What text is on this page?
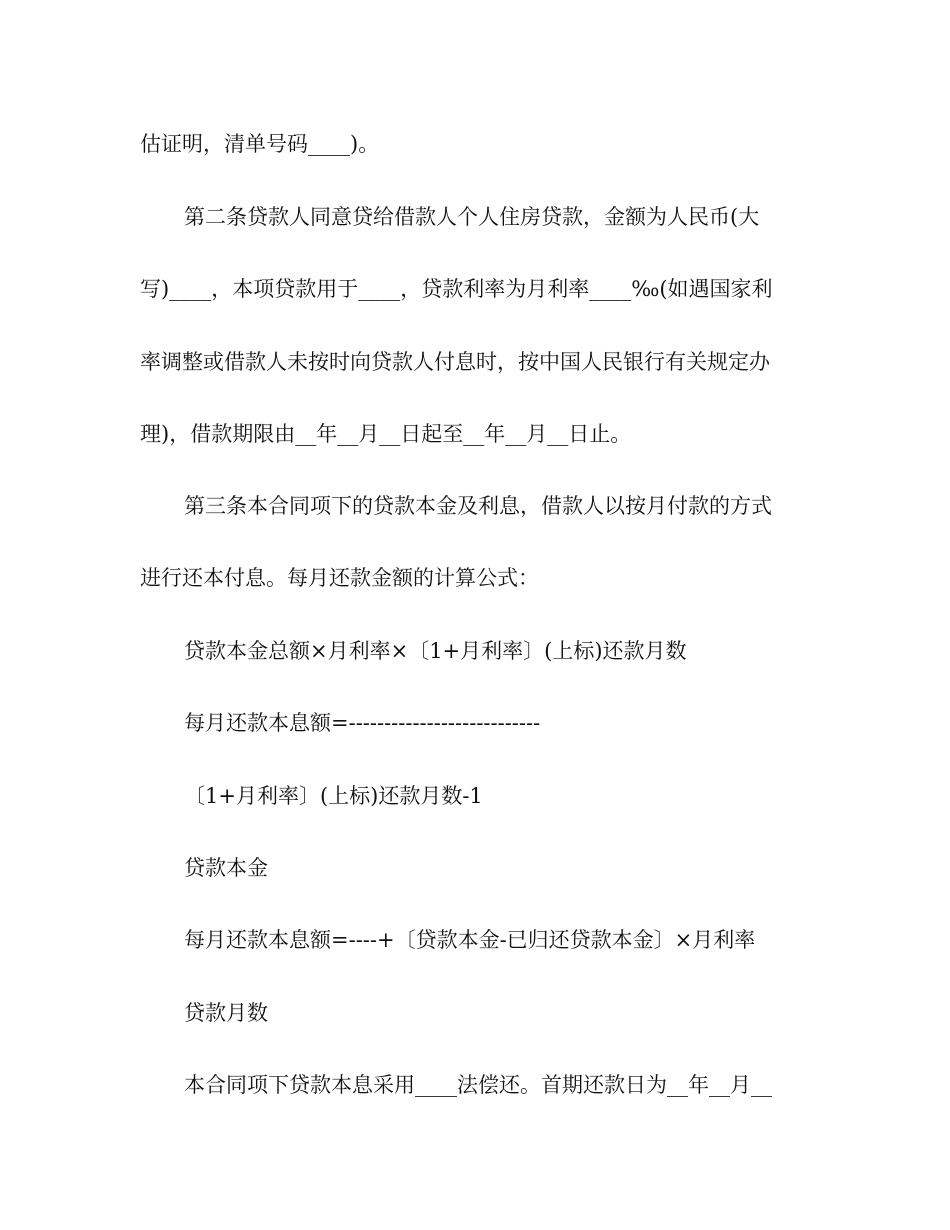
估证明，清单号码____)。
第二条贷款人同意贷给借款人个人住房贷款，金额为人民币(大
写)____，本项贷款用于____，贷款利率为月利率____‰(如遇国家利
率调整或借款人未按时向贷款人付息时，按中国人民银行有关规定办
理)，借款期限由__年__月__日起至__年__月__日止。
第三条本合同项下的贷款本金及利息，借款人以按月付款的方式
进行还本付息。每月还款金额的计算公式：
贷款本金总额×月利率×〔1+月利率〕(上标)还款月数
每月还款本息额=---------------------------
〔1+月利率〕(上标)还款月数-1
贷款本金
每月还款本息额=----+〔贷款本金-已归还贷款本金〕×月利率
贷款月数
本合同项下贷款本息采用____法偿还。首期还款日为__年__月__
